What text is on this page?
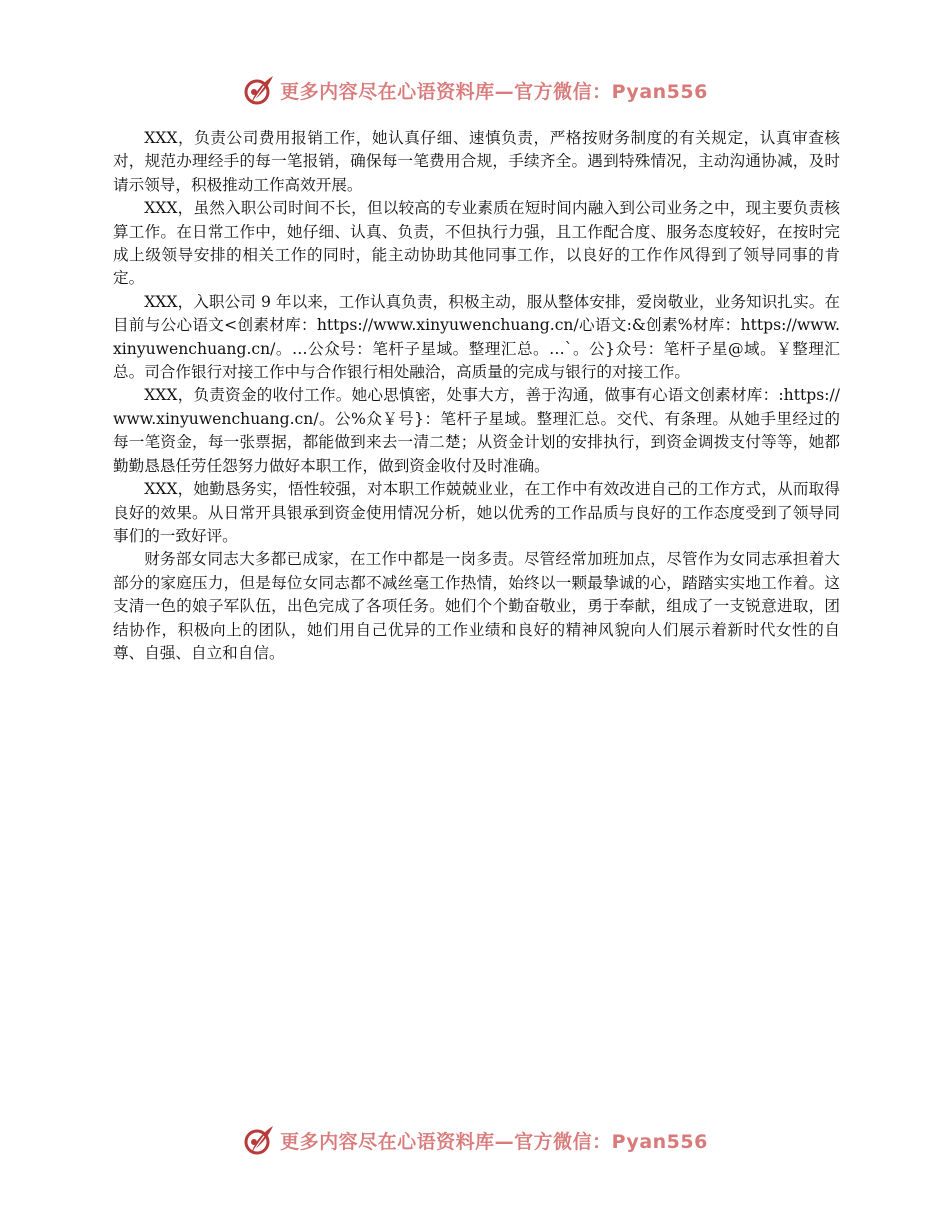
更多内容尽在心语资料库—官方微信：Pyan556

XXX，负责公司费用报销工作，她认真仔细、速慎负责，严格按财务制度的有关规定，认真审查核对，规范办理经手的每一笔报销，确保每一笔费用合规，手续齐全。遇到特殊情况，主动沟通协减，及时请示领导，积极推动工作高效开展。

XXX，虽然入职公司时间不长，但以较高的专业素质在短时间内融入到公司业务之中，现主要负责核算工作。在日常工作中，她仔细、认真、负责，不但执行力强，且工作配合度、服务态度较好，在按时完成上级领导安排的相关工作的同时，能主动协助其他同事工作，以良好的工作作风得到了领导同事的肯定。

XXX，入职公司 9 年以来，工作认真负责，积极主动，服从整体安排，爱岗敬业，业务知识扎实。在目前与公心语文<创素材库：https://www.xinyuwenchuang.cn/心语文:&创素%材库：https://www.xinyuwenchuang.cn/。…公众号：笔杆子星域。整理汇总。…`。公}众号：笔杆子星@域。￥整理汇总。司合作银行对接工作中与合作银行相处融洽，高质量的完成与银行的对接工作。

XXX，负责资金的收付工作。她心思慎密，处事大方，善于沟通，做事有心语文创素材库：:https://www.xinyuwenchuang.cn/。公%众￥号}：笔杆子星域。整理汇总。交代、有条理。从她手里经过的每一笔资金，每一张票据，都能做到来去一清二楚；从资金计划的安排执行，到资金调拨支付等等，她都勤勤恳恳任劳任怨努力做好本职工作，做到资金收付及时准确。

XXX，她勤恳务实，悟性较强，对本职工作兢兢业业，在工作中有效改进自己的工作方式，从而取得良好的效果。从日常开具银承到资金使用情况分析，她以优秀的工作品质与良好的工作态度受到了领导同事们的一致好评。

财务部女同志大多都已成家，在工作中都是一岗多责。尽管经常加班加点，尽管作为女同志承担着大部分的家庭压力，但是每位女同志都不减丝毫工作热情，始终以一颗最挚诚的心，踏踏实实地工作着。这支清一色的娘子军队伍，出色完成了各项任务。她们个个勤奋敬业，勇于奉献，组成了一支锐意进取，团结协作，积极向上的团队，她们用自己优异的工作业绩和良好的精神风貌向人们展示着新时代女性的自尊、自强、自立和自信。

更多内容尽在心语资料库—官方微信：Pyan556
